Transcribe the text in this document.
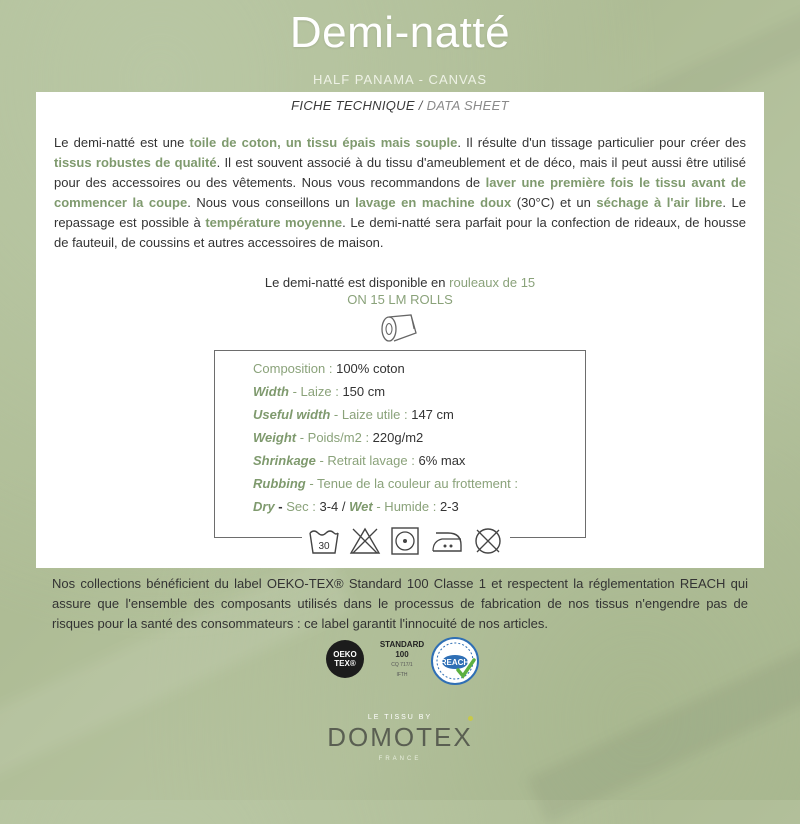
Demi-natté
HALF PANAMA - CANVAS
FICHE TECHNIQUE / DATA SHEET
Le demi-natté est une toile de coton, un tissu épais mais souple. Il résulte d'un tissage particulier pour créer des tissus robustes de qualité. Il est souvent associé à du tissu d'ameublement et de déco, mais il peut aussi être utilisé pour des accessoires ou des vêtements. Nous vous recommandons de laver une première fois le tissu avant de commencer la coupe. Nous vous conseillons un lavage en machine doux (30°C) et un séchage à l'air libre. Le repassage est possible à température moyenne. Le demi-natté sera parfait pour la confection de rideaux, de housse de fauteuil, de coussins et autres accessoires de maison.
Le demi-natté est disponible en rouleaux de 15
ON 15 LM ROLLS
Composition : 100% coton
Width - Laize : 150 cm
Useful width - Laize utile : 147 cm
Weight - Poids/m2 : 220g/m2
Shrinkage - Retrait lavage : 6% max
Rubbing - Tenue de la couleur au frottement :
Dry - Sec : 3-4 / Wet - Humide : 2-3
30
Nos collections bénéficient du label OEKO-TEX® Standard 100 Classe 1 et respectent la réglementation REACH qui assure que l'ensemble des composants utilisés dans le processus de fabrication de nos tissus n'engendre pas de risques pour la santé des consommateurs : ce label garantit l'innocuité de nos articles.
OEKO
TEX®
STANDARD
100
CQ 717/1
IFTH
REACH
LE TISSU BY
DOMOTEX
FRANCE
